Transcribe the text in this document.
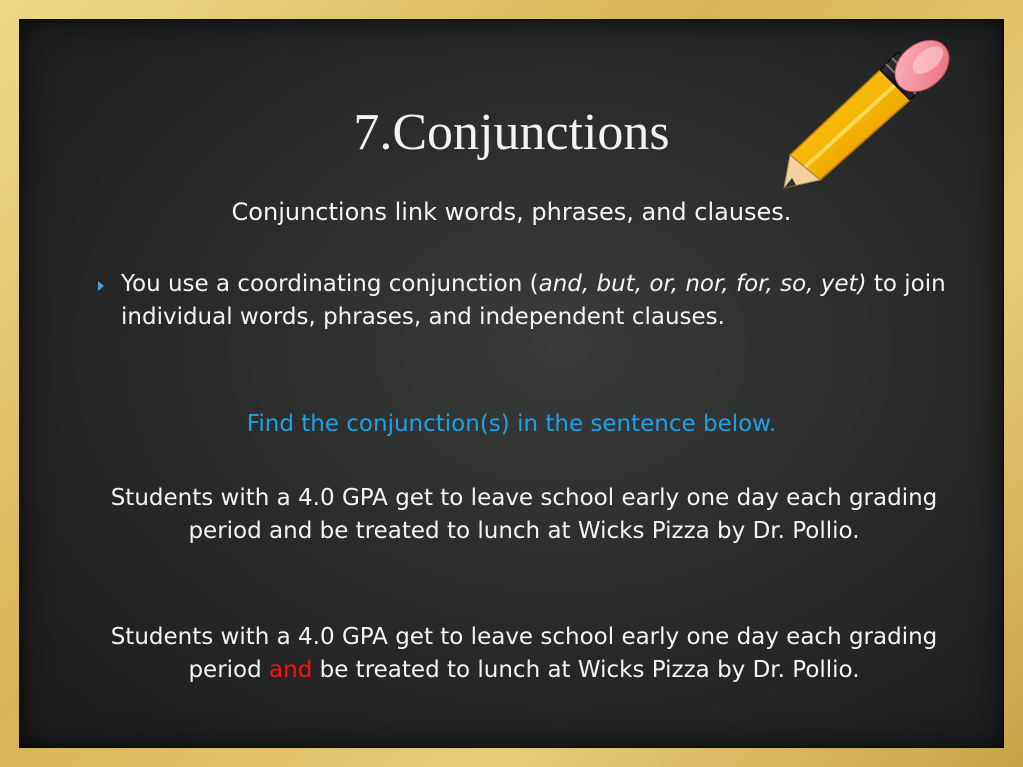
7.Conjunctions
Conjunctions link words, phrases, and clauses.
You use a coordinating conjunction (and, but, or, nor, for, so, yet) to join individual words, phrases, and independent clauses.
Find the conjunction(s) in the sentence below.
Students with a 4.0 GPA get to leave school early one day each grading period and be treated to lunch at Wicks Pizza by Dr. Pollio.
Students with a 4.0 GPA get to leave school early one day each grading period and be treated to lunch at Wicks Pizza by Dr. Pollio.
